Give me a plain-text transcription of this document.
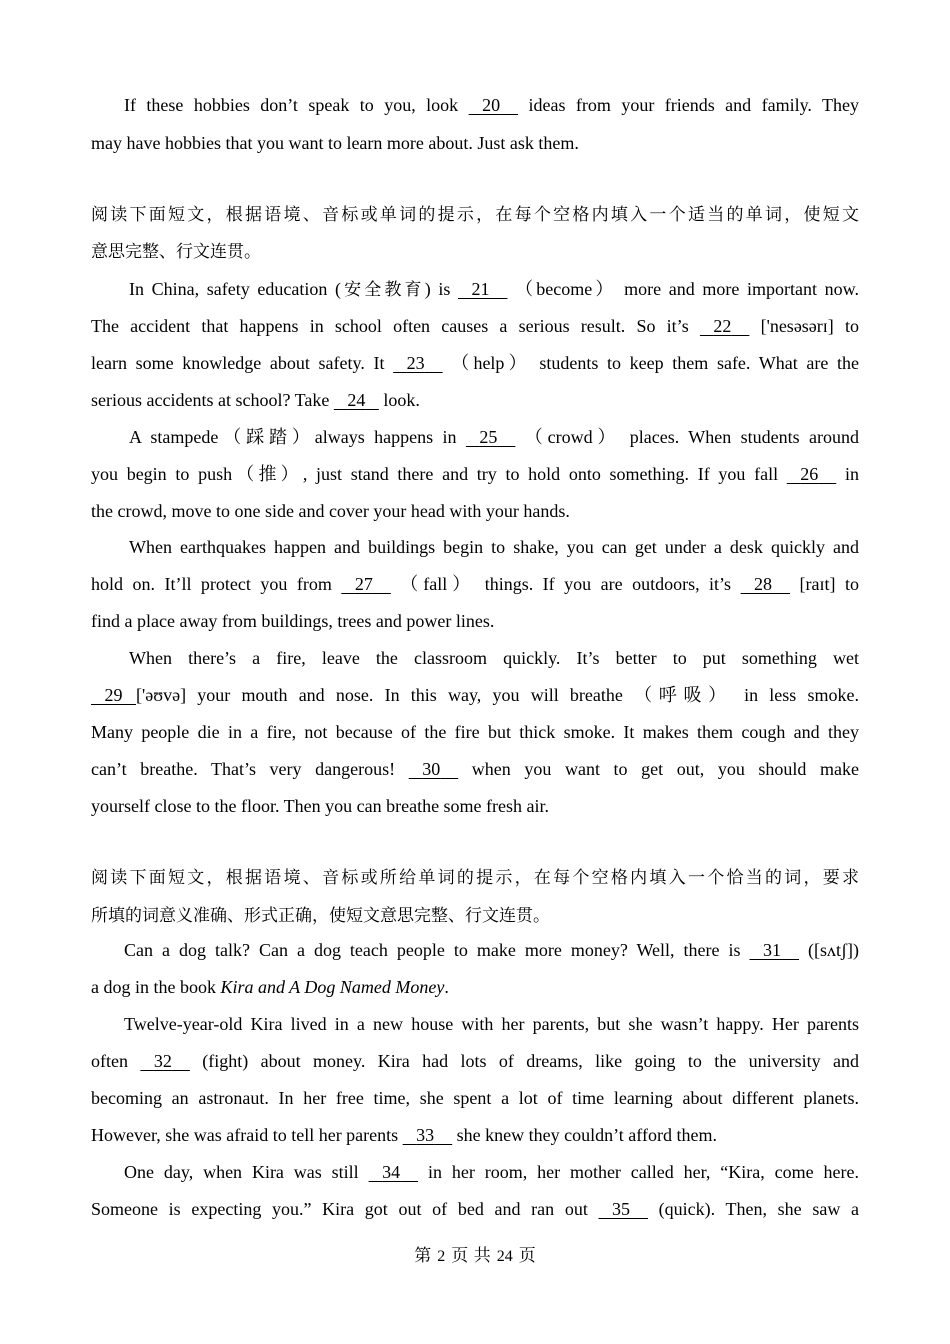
If these hobbies don’t speak to you, look    20     ideas from your friends and family. They
may have hobbies that you want to learn more about. Just ask them.
阅读下面短文，根据语境、音标或单词的提示，在每个空格内填入一个适当的单词，使短文
意思完整、行文连贯。
In China, safety education (安全教育) is    21     （become） more and more important now.
The accident that happens in school often causes a serious result. So it’s    22     ['nesəsərɪ] to
learn some knowledge about safety. It    23     （help） students to keep them safe. What are the
serious accidents at school? Take    24    look.
A stampede（踩踏）always happens in    25     （crowd） places. When students around
you begin to push（推）, just stand there and try to hold onto something. If you fall    26     in
the crowd, move to one side and cover your head with your hands.
When earthquakes happen and buildings begin to shake, you can get under a desk quickly and
hold on. It’ll protect you from    27     （fall） things. If you are outdoors, it’s    28     [raɪt] to
find a place away from buildings, trees and power lines.
When there’s a fire, leave the classroom quickly. It’s better to put something wet
29 ['əʊvə] your mouth and nose. In this way, you will breathe （呼吸） in less smoke.
Many people die in a fire, not because of the fire but thick smoke. It makes them cough and they
can’t breathe. That’s very dangerous!    30     when you want to get out, you should make
yourself close to the floor. Then you can breathe some fresh air.
阅读下面短文，根据语境、音标或所给单词的提示，在每个空格内填入一个恰当的词，要求
所填的词意义准确、形式正确，使短文意思完整、行文连贯。
Can a dog talk? Can a dog teach people to make more money? Well, there is    31     ([sʌtʃ])
a dog in the book Kira and A Dog Named Money.
Twelve-year-old Kira lived in a new house with her parents, but she wasn’t happy. Her parents
often    32     (fight) about money. Kira had lots of dreams, like going to the university and
becoming an astronaut. In her free time, she spent a lot of time learning about different planets.
However, she was afraid to tell her parents    33     she knew they couldn’t afford them.
One day, when Kira was still    34     in her room, her mother called her, “Kira, come here.
Someone is expecting you.” Kira got out of bed and ran out    35     (quick). Then, she saw a
第 2 页 共 24 页
